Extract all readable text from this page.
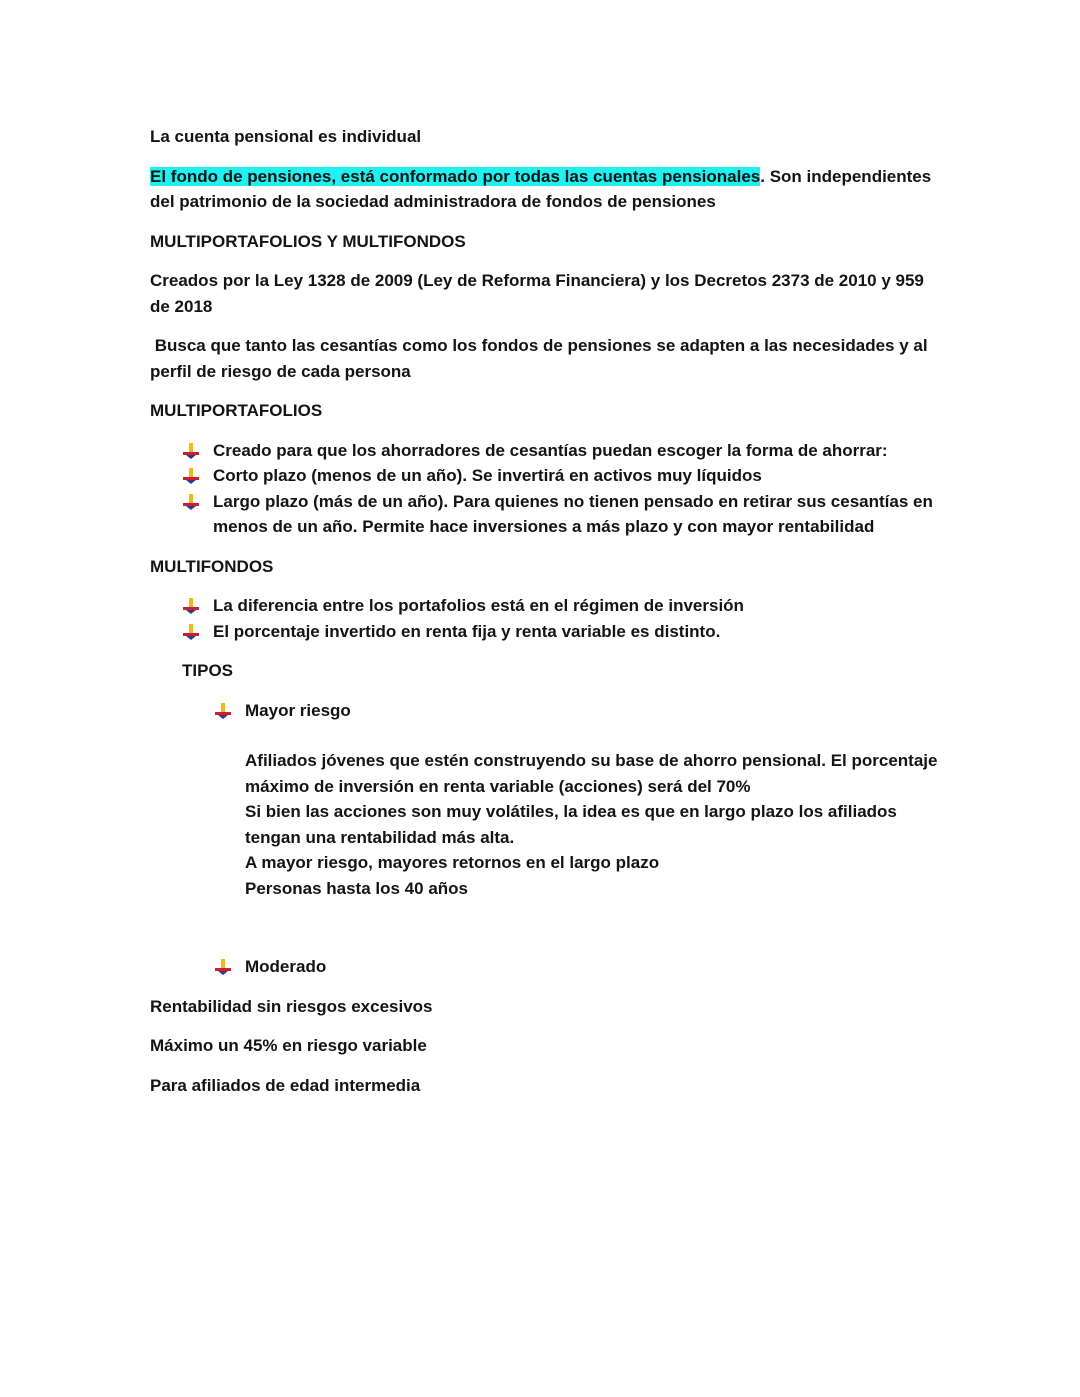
La cuenta pensional es individual

El fondo de pensiones, está conformado por todas las cuentas pensionales. Son independientes del patrimonio de la sociedad administradora de fondos de pensiones

MULTIPORTAFOLIOS Y MULTIFONDOS

Creados por la Ley 1328 de 2009 (Ley de Reforma Financiera) y los Decretos 2373 de 2010 y 959 de 2018

Busca que tanto las cesantías como los fondos de pensiones se adapten a las necesidades y al perfil de riesgo de cada persona

MULTIPORTAFOLIOS

Creado para que los ahorradores de cesantías puedan escoger la forma de ahorrar:
Corto plazo (menos de un año). Se invertirá en activos muy líquidos
Largo plazo (más de un año). Para quienes no tienen pensado en retirar sus cesantías en menos de un año. Permite hace inversiones a más plazo y con mayor rentabilidad

MULTIFONDOS

La diferencia entre los portafolios está en el régimen de inversión
El porcentaje invertido en renta fija y renta variable es distinto.

TIPOS

Mayor riesgo
Afiliados jóvenes que estén construyendo su base de ahorro pensional. El porcentaje máximo de inversión en renta variable (acciones) será del 70%
Si bien las acciones son muy volátiles, la idea es que en largo plazo los afiliados tengan una rentabilidad más alta.
A mayor riesgo, mayores retornos en el largo plazo
Personas hasta los 40 años
Moderado

Rentabilidad sin riesgos excesivos

Máximo un 45% en riesgo variable

Para afiliados de edad intermedia
